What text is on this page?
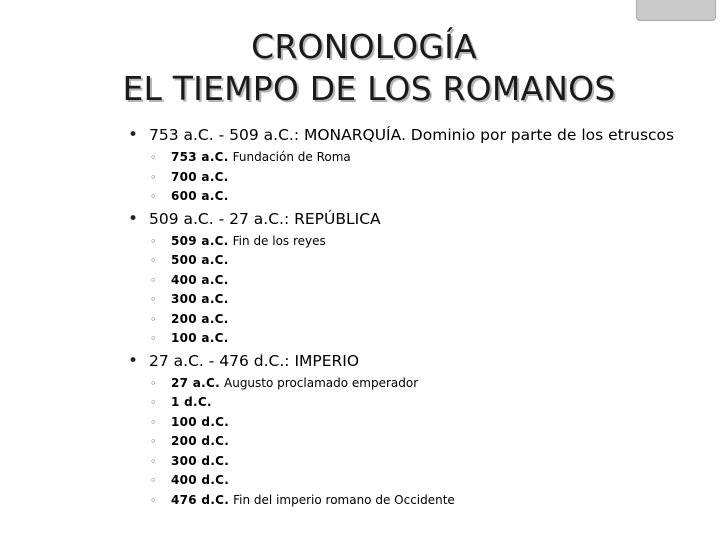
CRONOLOGÍA
EL TIEMPO DE LOS ROMANOS
• 753 a.C. - 509 a.C.: MONARQUÍA. Dominio por parte de los etruscos
◦ 753 a.C. Fundación de Roma
◦ 700 a.C.
◦ 600 a.C.
• 509 a.C. - 27 a.C.: REPÚBLICA
◦ 509 a.C. Fin de los reyes
◦ 500 a.C.
◦ 400 a.C.
◦ 300 a.C.
◦ 200 a.C.
◦ 100 a.C.
• 27 a.C. - 476 d.C.: IMPERIO
◦ 27 a.C. Augusto proclamado emperador
◦ 1 d.C.
◦ 100 d.C.
◦ 200 d.C.
◦ 300 d.C.
◦ 400 d.C.
◦ 476 d.C. Fin del imperio romano de Occidente
